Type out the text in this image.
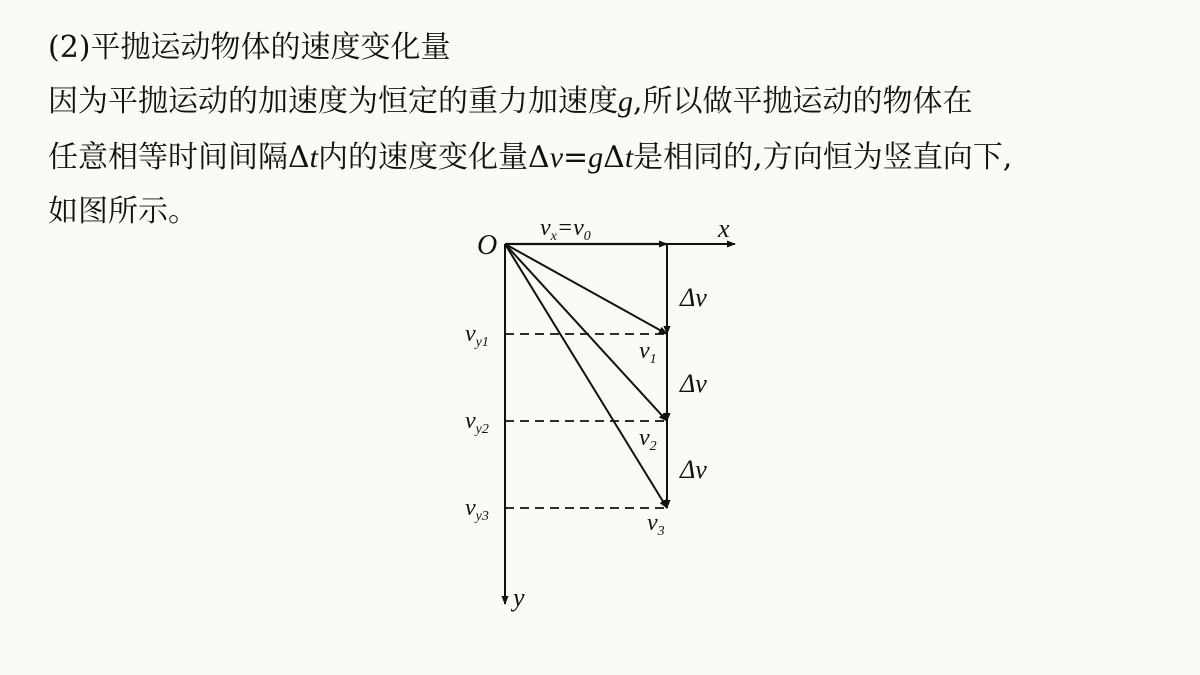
(2)平抛运动物体的速度变化量
因为平抛运动的加速度为恒定的重力加速度g,所以做平抛运动的物体在
任意相等时间间隔Δt内的速度变化量Δv=gΔt是相同的,方向恒为竖直向下,
如图所示。
O
x
y
$v_x=v_0$
Δv
Δv
Δv
$v_{y1}$
$v_{y2}$
$v_{y3}$
$v_1$
$v_2$
$v_3$
